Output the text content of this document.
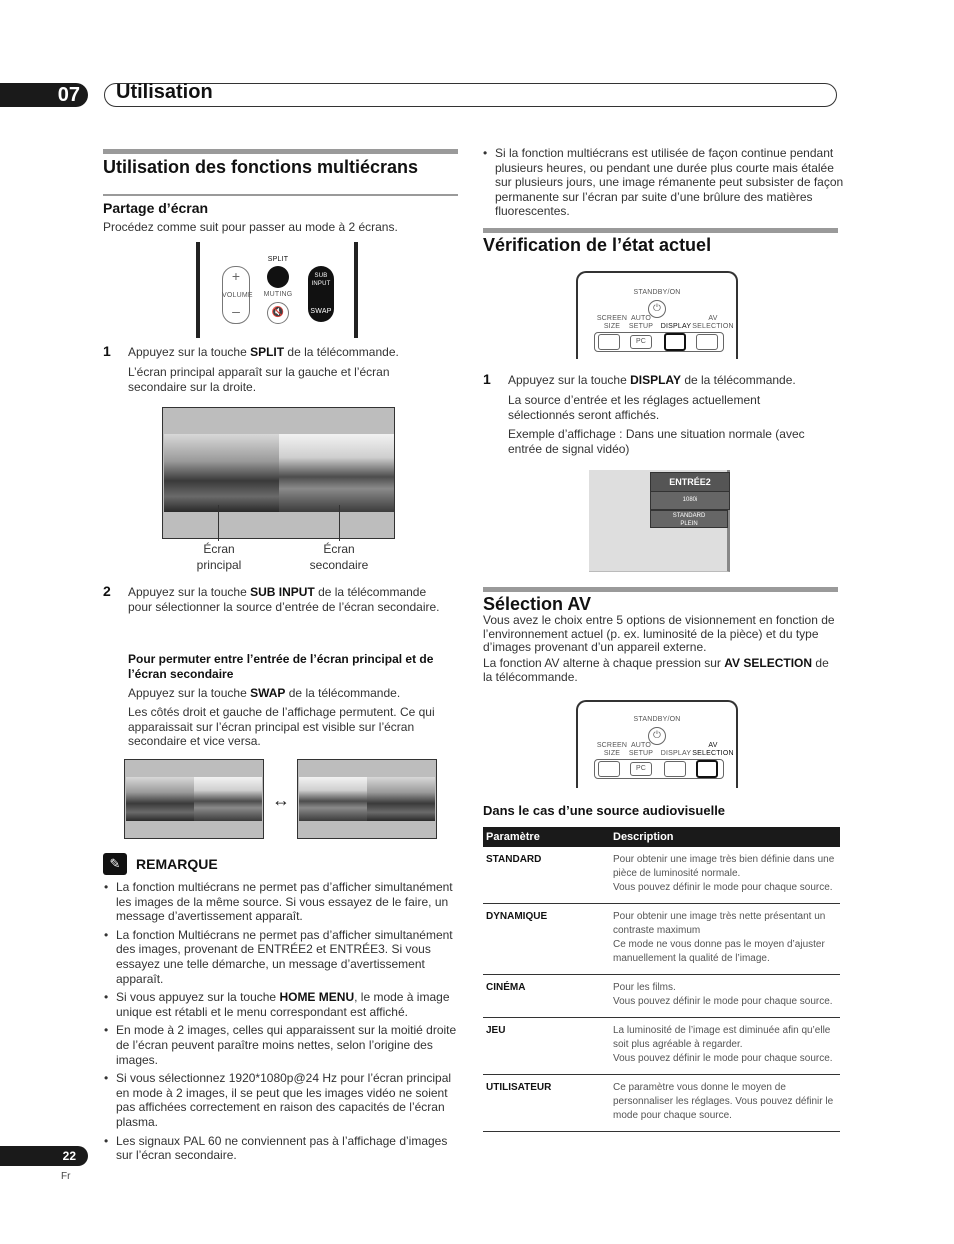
07	Utilisation
Utilisation des fonctions multiécrans
Partage d’écran
Procédez comme suit pour passer au mode à 2 écrans.
+
–
VOLUME
SPLIT
MUTING
🔇
SUB INPUT
SWAP
1 Appuyez sur la touche SPLIT de la télécommande.
L’écran principal apparaît sur la gauche et l’écran secondaire sur la droite.
Écran principal
Écran secondaire
2 Appuyez sur la touche SUB INPUT de la télécommande pour sélectionner la source d’entrée de l’écran secondaire.
Pour permuter entre l’entrée de l’écran principal et de l’écran secondaire
Appuyez sur la touche SWAP de la télécommande.
Les côtés droit et gauche de l’affichage permutent. Ce qui apparaissait sur l’écran principal est visible sur l’écran secondaire et vice versa.
↔
✎	REMARQUE
• La fonction multiécrans ne permet pas d’afficher simultanément les images de la même source. Si vous essayez de le faire, un message d’avertissement apparaît.
• La fonction Multiécrans ne permet pas d’afficher simultanément des images, provenant de ENTRÉE2 et ENTRÉE3. Si vous essayez une telle démarche, un message d’avertissement apparaît.
• Si vous appuyez sur la touche HOME MENU, le mode à image unique est rétabli et le menu correspondant est affiché.
• En mode à 2 images, celles qui apparaissent sur la moitié droite de l’écran peuvent paraître moins nettes, selon l’origine des images.
• Si vous sélectionnez 1920*1080p@24 Hz pour l’écran principal en mode à 2 images, il se peut que les images vidéo ne soient pas affichées correctement en raison des capacités de l’écran plasma.
• Les signaux PAL 60 ne conviennent pas à l’affichage d’images sur l’écran secondaire.
• Si la fonction multiécrans est utilisée de façon continue pendant plusieurs heures, ou pendant une durée plus courte mais étalée sur plusieurs jours, une image rémanente peut subsister de façon permanente sur l’écran par suite d’une brûlure des matières fluorescentes.
Vérification de l’état actuel
STANDBY/ON
⏻
SCREEN SIZE
AUTO SETUP	DISPLAY
AV SELECTION
PC
1 Appuyez sur la touche DISPLAY de la télécommande.
La source d’entrée et les réglages actuellement sélectionnés seront affichés.
Exemple d’affichage : Dans une situation normale (avec entrée de signal vidéo)
ENTRÉE2
1080i
STANDARD
PLEIN
Sélection AV
Vous avez le choix entre 5 options de visionnement en fonction de l’environnement actuel (p. ex. luminosité de la pièce) et du type d’images provenant d’un appareil externe.
La fonction AV alterne à chaque pression sur AV SELECTION de la télécommande.
STANDBY/ON
⏻
SCREEN SIZE
AUTO SETUP	DISPLAY
AV SELECTION
PC
Dans le cas d’une source audiovisuelle
Paramètre	Description
STANDARD	Pour obtenir une image très bien définie dans une pièce de luminosité normale.
Vous pouvez définir le mode pour chaque source.

DYNAMIQUE	Pour obtenir une image très nette présentant un contraste maximum
Ce mode ne vous donne pas le moyen d’ajuster manuellement la qualité de l’image.

CINÉMA	Pour les films.
Vous pouvez définir le mode pour chaque source.

JEU	La luminosité de l’image est diminuée afin qu’elle soit plus agréable à regarder.
Vous pouvez définir le mode pour chaque source.

UTILISATEUR	Ce paramètre vous donne le moyen de personnaliser les réglages. Vous pouvez définir le mode pour chaque source.
22
Fr
